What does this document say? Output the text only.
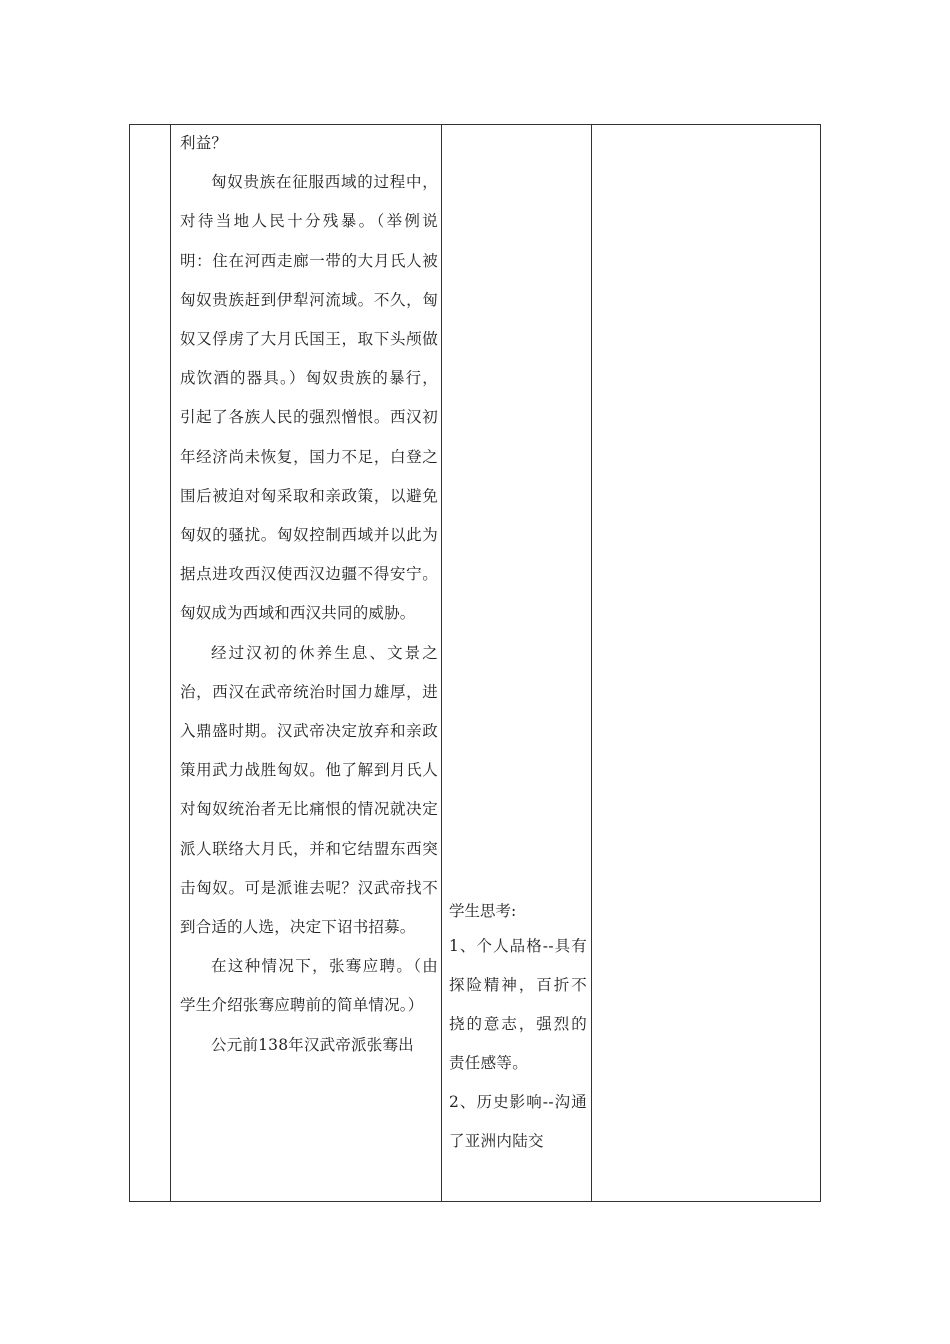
利益？

匈奴贵族在征服西域的过程中，对待当地人民十分残暴。（举例说明：住在河西走廊一带的大月氏人被匈奴贵族赶到伊犁河流域。不久，匈奴又俘虏了大月氏国王，取下头颅做成饮酒的器具。）匈奴贵族的暴行，引起了各族人民的强烈憎恨。西汉初年经济尚未恢复，国力不足，白登之围后被迫对匈采取和亲政策，以避免匈奴的骚扰。匈奴控制西域并以此为据点进攻西汉使西汉边疆不得安宁。匈奴成为西域和西汉共同的威胁。

经过汉初的休养生息、文景之治，西汉在武帝统治时国力雄厚，进入鼎盛时期。汉武帝决定放弃和亲政策用武力战胜匈奴。他了解到月氏人对匈奴统治者无比痛恨的情况就决定派人联络大月氏，并和它结盟东西突击匈奴。可是派谁去呢？汉武帝找不到合适的人选，决定下诏书招募。

在这种情况下，张骞应聘。（由学生介绍张骞应聘前的简单情况。）

公元前138年汉武帝派张骞出

学生思考:

1、个人品格--具有探险精神，百折不挠的意志，强烈的责任感等。

2、历史影响--沟通了亚洲内陆交
